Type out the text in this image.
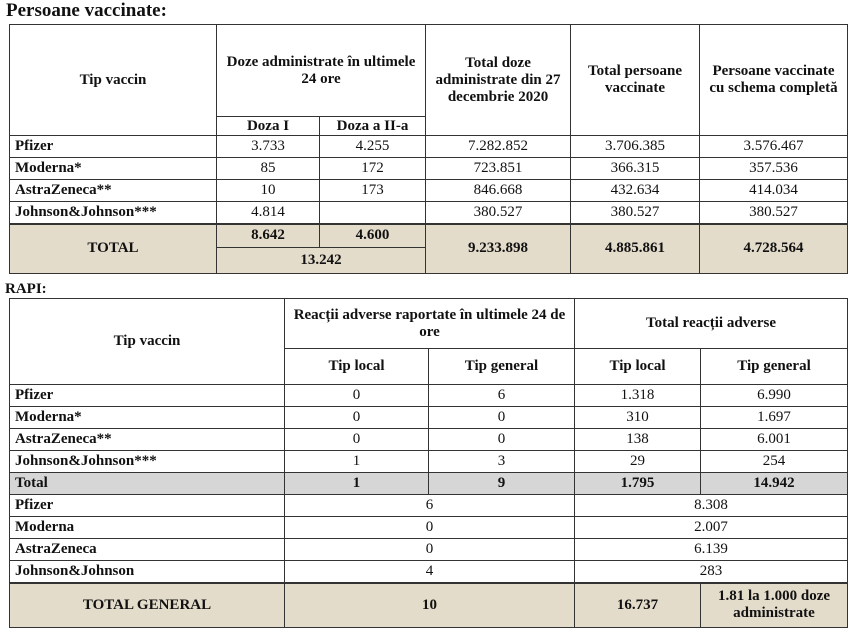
Persoane vaccinate:
Tip vaccin	Doze administrate în ultimele 24 ore		Total doze administrate din 27 decembrie 2020	Total persoane vaccinate	Persoane vaccinate cu schema completă
	Doza I	Doza a II-a			
Pfizer	3.733	4.255	7.282.852	3.706.385	3.576.467
Moderna*	85	172	723.851	366.315	357.536
AstraZeneca**	10	173	846.668	432.634	414.034
Johnson&Johnson***	4.814		380.527	380.527	380.527
TOTAL	8.642	4.600	9.233.898	4.885.861	4.728.564
	13.242				
RAPI:
Tip vaccin	Reacții adverse raportate în ultimele 24 de ore		Total reacții adverse	
	Tip local	Tip general	Tip local	Tip general
Pfizer	0	6	1.318	6.990
Moderna*	0	0	310	1.697
AstraZeneca**	0	0	138	6.001
Johnson&Johnson***	1	3	29	254
Total	1	9	1.795	14.942
Pfizer	6		8.308	
Moderna	0		2.007	
AstraZeneca	0		6.139	
Johnson&Johnson	4		283	
TOTAL GENERAL	10		16.737	1.81 la 1.000 doze administrate
